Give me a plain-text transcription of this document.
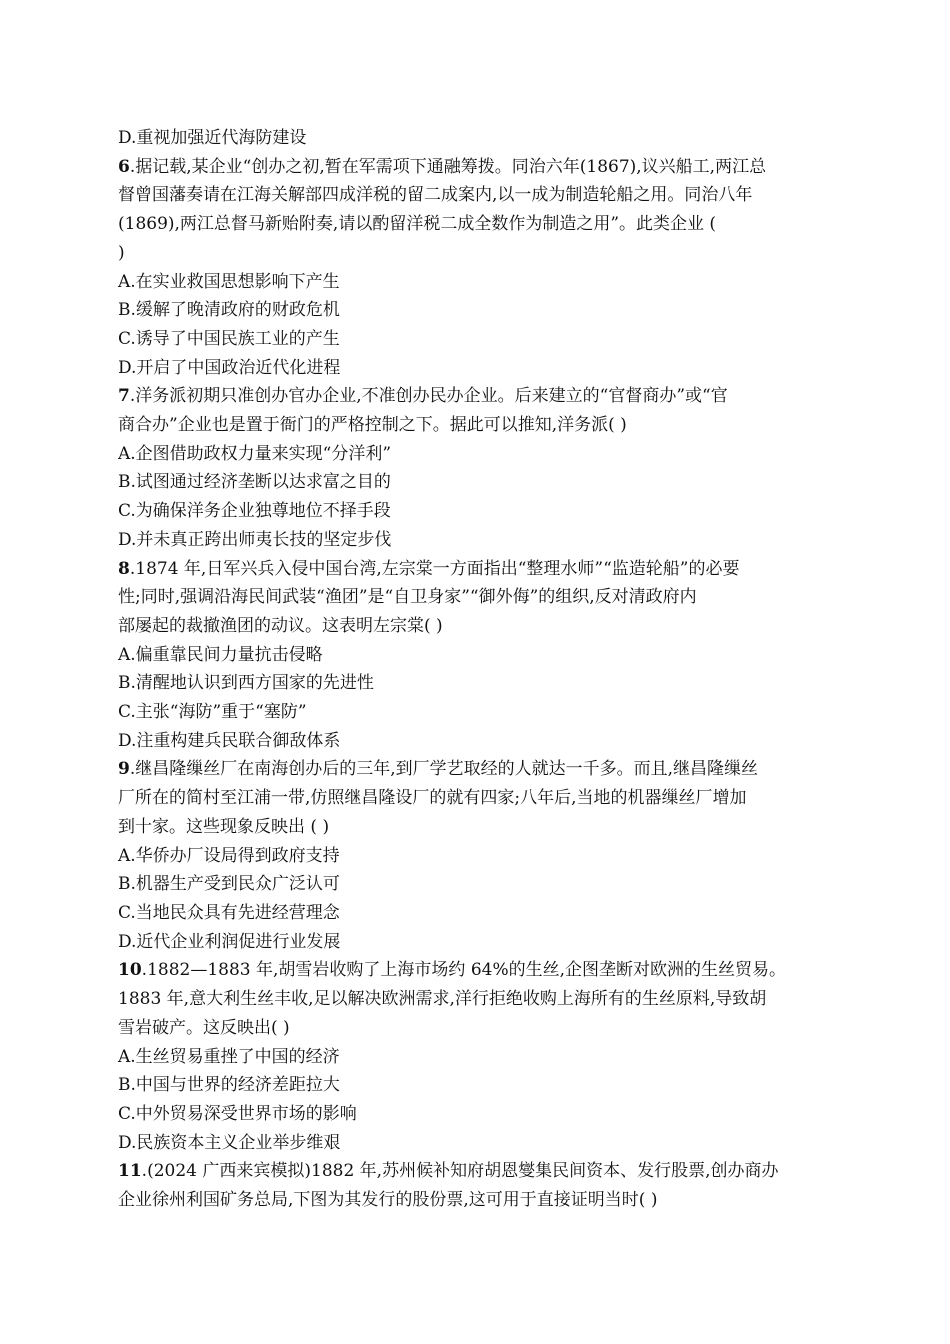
D.重视加强近代海防建设
6.据记载,某企业“创办之初,暂在军需项下通融筹拨。同治六年(1867),议兴船工,两江总
督曾国藩奏请在江海关解部四成洋税的留二成案内,以一成为制造轮船之用。同治八年
(1869),两江总督马新贻附奏,请以酌留洋税二成全数作为制造之用”。此类企业 (
)
A.在实业救国思想影响下产生
B.缓解了晚清政府的财政危机
C.诱导了中国民族工业的产生
D.开启了中国政治近代化进程
7.洋务派初期只准创办官办企业,不准创办民办企业。后来建立的“官督商办”或“官
商合办”企业也是置于衙门的严格控制之下。据此可以推知,洋务派( )
A.企图借助政权力量来实现“分洋利”
B.试图通过经济垄断以达求富之目的
C.为确保洋务企业独尊地位不择手段
D.并未真正跨出师夷长技的坚定步伐
8.1874 年,日军兴兵入侵中国台湾,左宗棠一方面指出“整理水师”“监造轮船”的必要
性;同时,强调沿海民间武装“渔团”是“自卫身家”“御外侮”的组织,反对清政府内
部屡起的裁撤渔团的动议。这表明左宗棠( )
A.偏重靠民间力量抗击侵略
B.清醒地认识到西方国家的先进性
C.主张“海防”重于“塞防”
D.注重构建兵民联合御敌体系
9.继昌隆缫丝厂在南海创办后的三年,到厂学艺取经的人就达一千多。而且,继昌隆缫丝
厂所在的简村至江浦一带,仿照继昌隆设厂的就有四家;八年后,当地的机器缫丝厂增加
到十家。这些现象反映出 ( )
A.华侨办厂设局得到政府支持
B.机器生产受到民众广泛认可
C.当地民众具有先进经营理念
D.近代企业利润促进行业发展
10.1882—1883 年,胡雪岩收购了上海市场约 64%的生丝,企图垄断对欧洲的生丝贸易。
1883 年,意大利生丝丰收,足以解决欧洲需求,洋行拒绝收购上海所有的生丝原料,导致胡
雪岩破产。这反映出( )
A.生丝贸易重挫了中国的经济
B.中国与世界的经济差距拉大
C.中外贸易深受世界市场的影响
D.民族资本主义企业举步维艰
11.(2024 广西来宾模拟)1882 年,苏州候补知府胡恩燮集民间资本、发行股票,创办商办
企业徐州利国矿务总局,下图为其发行的股份票,这可用于直接证明当时( )
